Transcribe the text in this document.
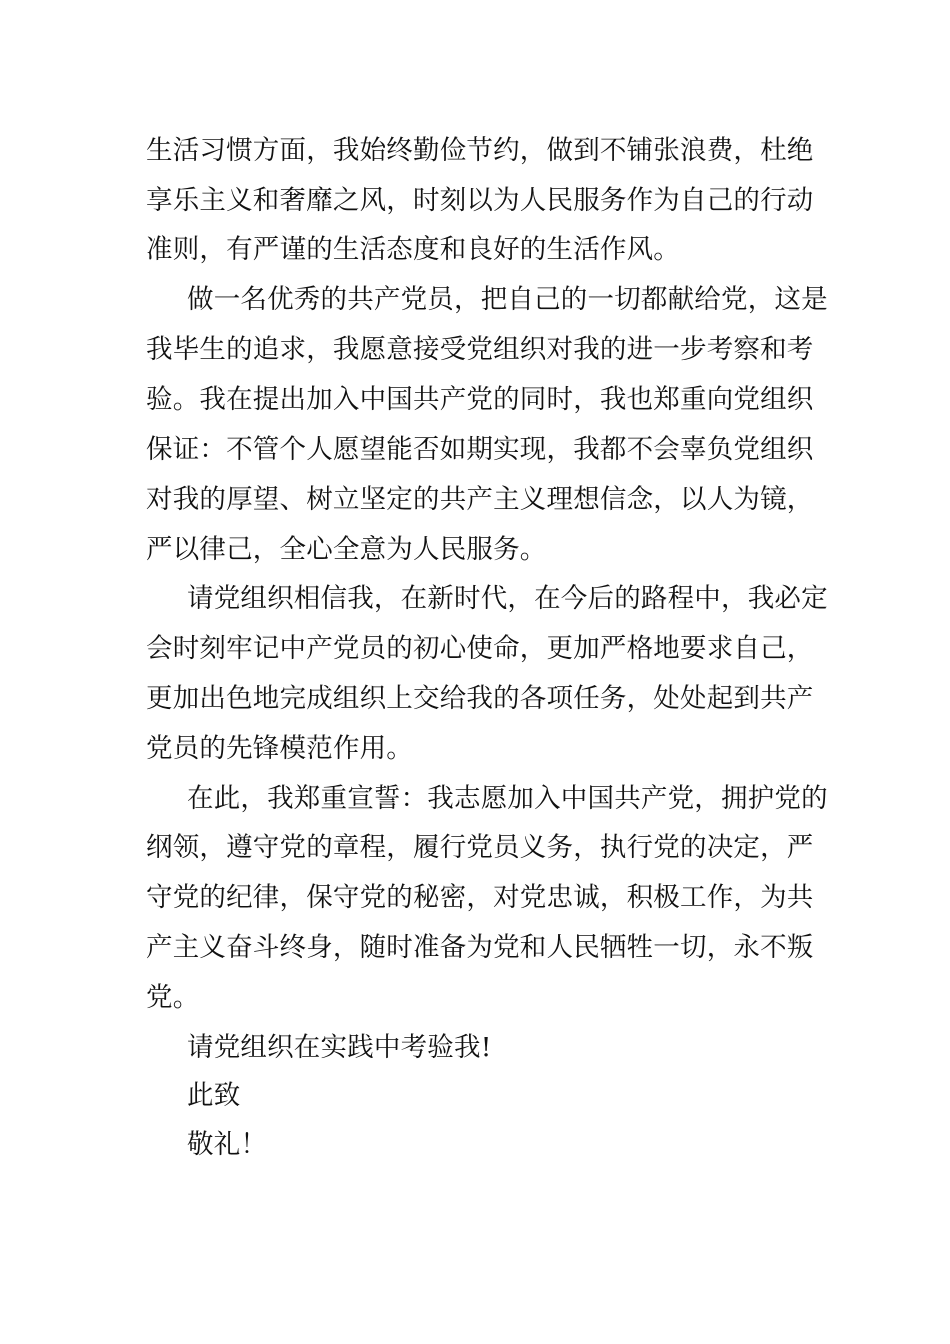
生活习惯方面，我始终勤俭节约，做到不铺张浪费，杜绝
享乐主义和奢靡之风，时刻以为人民服务作为自己的行动
准则，有严谨的生活态度和良好的生活作风。
做一名优秀的共产党员，把自己的一切都献给党，这是
我毕生的追求，我愿意接受党组织对我的进一步考察和考
验。我在提出加入中国共产党的同时，我也郑重向党组织
保证：不管个人愿望能否如期实现，我都不会辜负党组织
对我的厚望、树立坚定的共产主义理想信念，以人为镜，
严以律己，全心全意为人民服务。
请党组织相信我，在新时代，在今后的路程中，我必定
会时刻牢记中产党员的初心使命，更加严格地要求自己，
更加出色地完成组织上交给我的各项任务，处处起到共产
党员的先锋模范作用。
在此，我郑重宣誓：我志愿加入中国共产党，拥护党的
纲领，遵守党的章程，履行党员义务，执行党的决定，严
守党的纪律，保守党的秘密，对党忠诚，积极工作，为共
产主义奋斗终身，随时准备为党和人民牺牲一切，永不叛
党。
请党组织在实践中考验我!
此致
敬礼！
